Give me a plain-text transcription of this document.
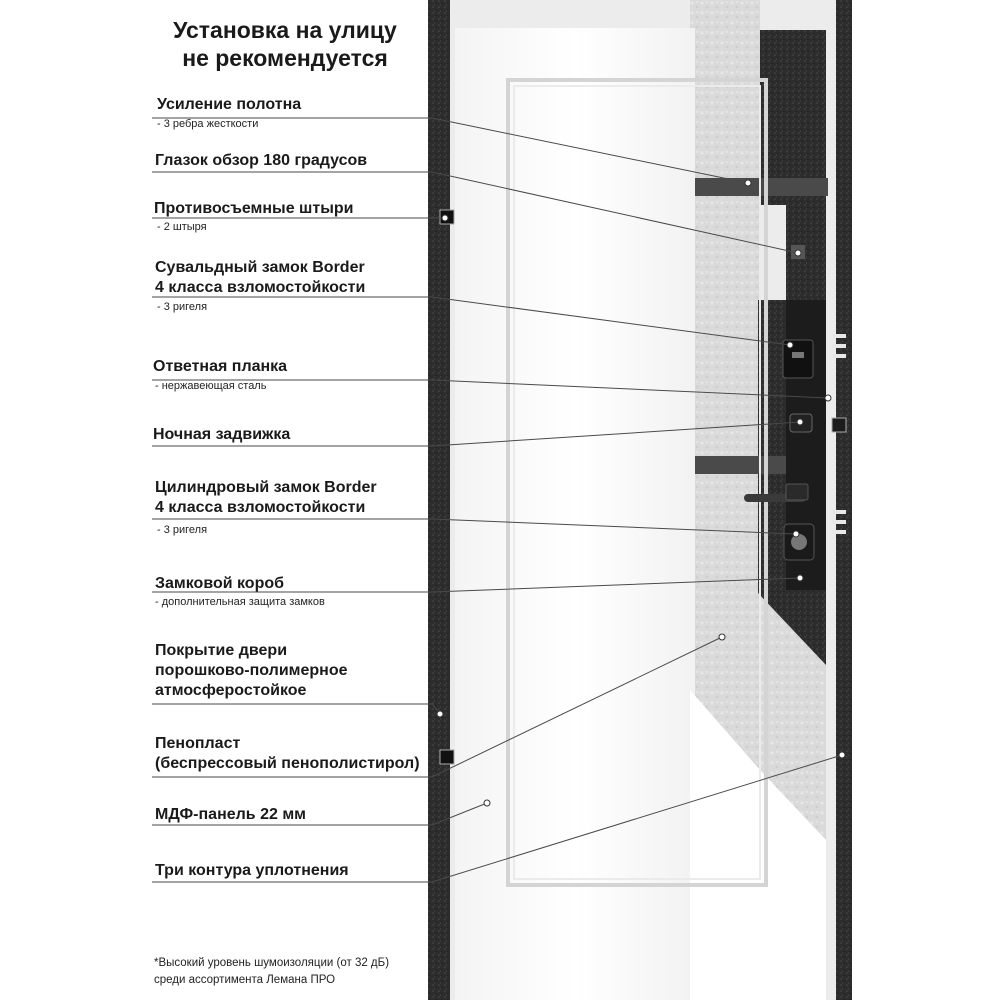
Установка на улицу
не рекомендуется
Усиление полотна
- 3 ребра жесткости
Глазок обзор 180 градусов
Противосъемные штыри
- 2 штыря
Сувальдный замок Border
4 класса взломостойкости
- 3 ригеля
Ответная планка
- нержавеющая сталь
Ночная задвижка
Цилиндровый замок Border
4 класса взломостойкости
- 3 ригеля
Замковой короб
- дополнительная защита замков
Покрытие двери
порошково-полимерное
атмосферостойкое
Пенопласт
(беспрессовый пенополистирол)
МДФ-панель 22 мм
Три контура уплотнения
*Высокий уровень шумоизоляции (от 32 дБ)
среди ассортимента Лемана ПРО
